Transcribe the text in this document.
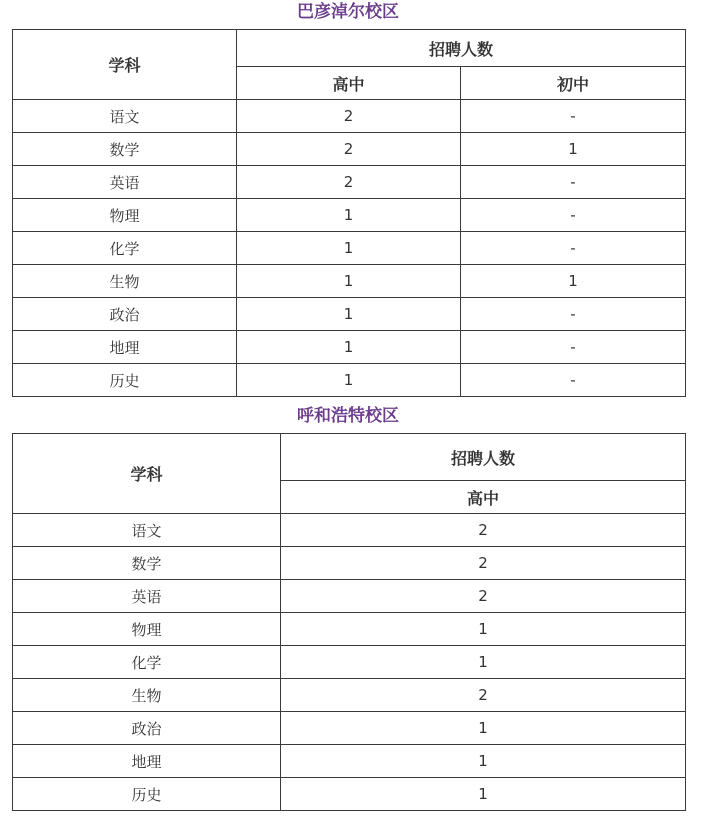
巴彦淖尔校区
学科	招聘人数	
	高中	初中
语文	2	-
数学	2	1
英语	2	-
物理	1	-
化学	1	-
生物	1	1
政治	1	-
地理	1	-
历史	1	-
呼和浩特校区
学科	招聘人数
	高中
语文	2
数学	2
英语	2
物理	1
化学	1
生物	2
政治	1
地理	1
历史	1
